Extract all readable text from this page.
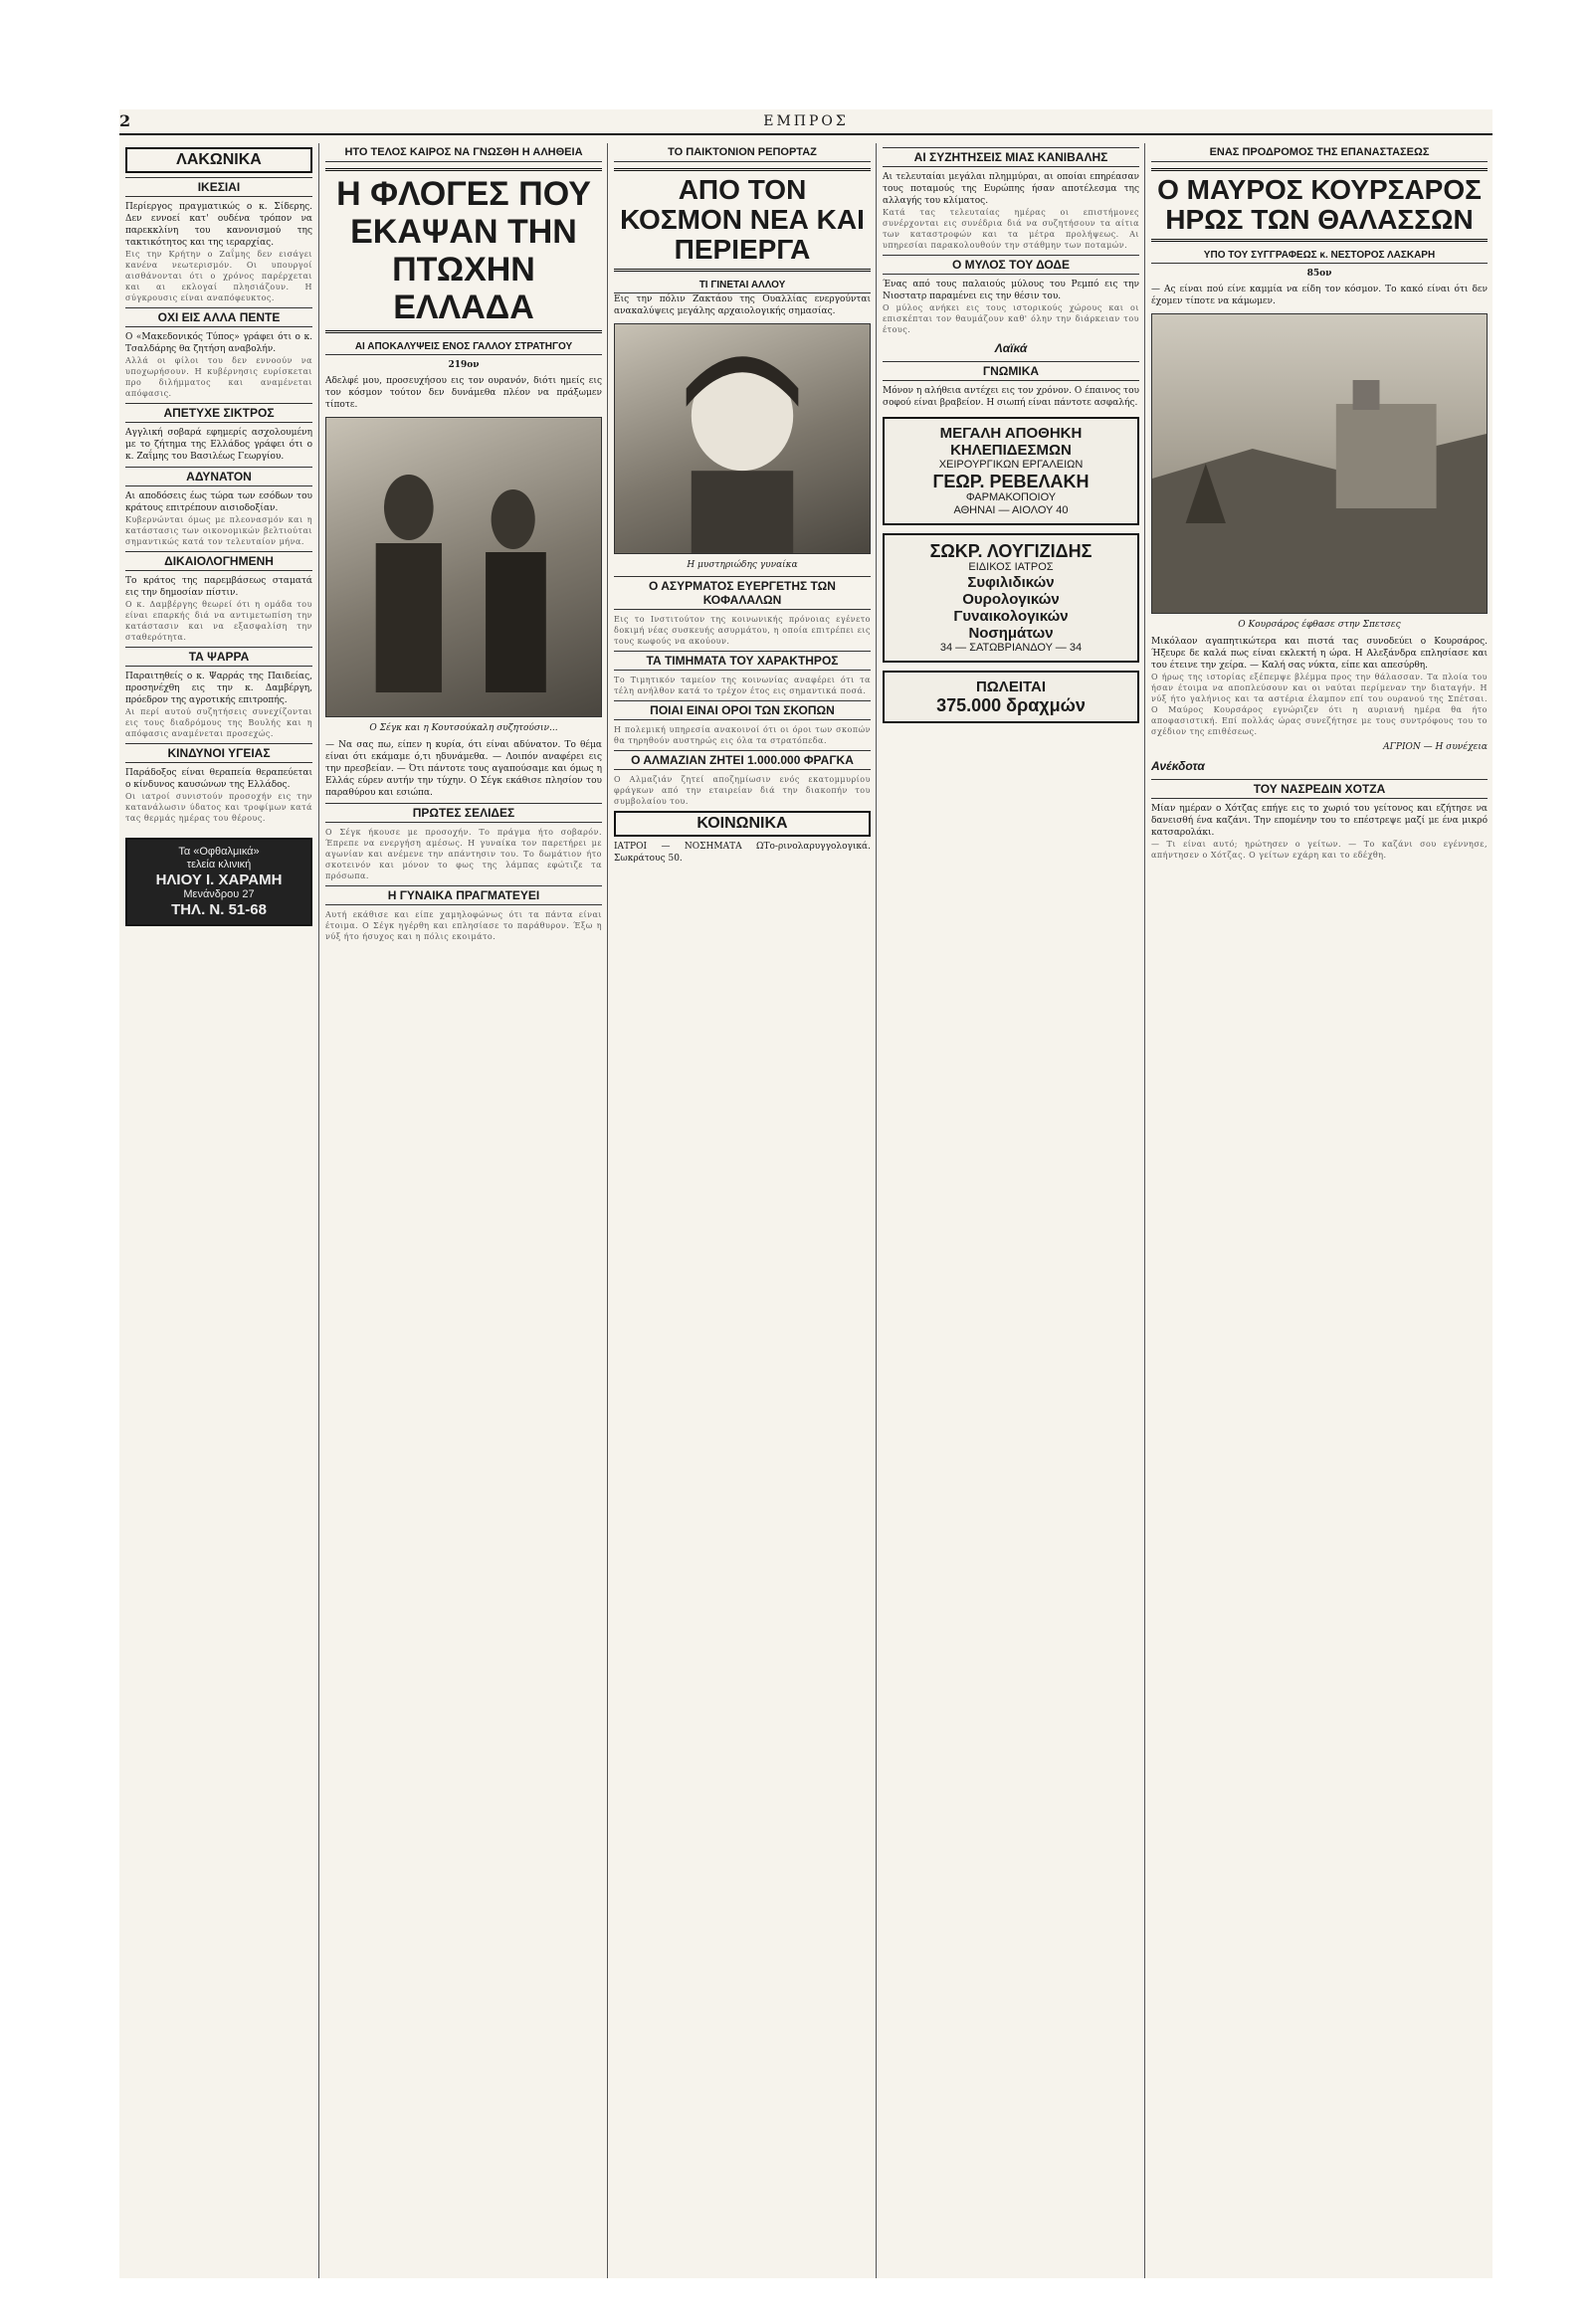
2	ΕΜΠΡΟΣ
ΛΑΚΩΝΙΚΑ
ΙΚΕΣΙΑΙ
Περίεργος πραγματικώς ο κ. Σίδερης. Δεν εννοεί κατ' ουδένα τρόπον να παρεκκλίνη του κανονισμού της τακτικότητος και της ιεραρχίας.
Εις την Κρήτην ο Ζαΐμης δεν εισάγει κανένα νεωτερισμόν. Οι υπουργοί αισθάνονται ότι ο χρόνος παρέρχεται και αι εκλογαί πλησιάζουν. Η σύγκρουσις είναι αναπόφευκτος.
ΟΧΙ ΕΙΣ ΑΛΛΑ ΠΕΝΤΕ
Ο «Μακεδονικός Τύπος» γράφει ότι ο κ. Τσαλδάρης θα ζητήση αναβολήν.
Αλλά οι φίλοι του δεν εννοούν να υποχωρήσουν. Η κυβέρνησις ευρίσκεται προ διλήμματος και αναμένεται απόφασις.
ΑΠΕΤΥΧΕ ΣΙΚΤΡΟΣ
Αγγλική σοβαρά εφημερίς ασχολουμένη με το ζήτημα της Ελλάδος γράφει ότι ο κ. Ζαΐμης του Βασιλέως Γεωργίου.
ΑΔΥΝΑΤΟΝ
Αι αποδόσεις έως τώρα των εσόδων του κράτους επιτρέπουν αισιοδοξίαν.
Κυβερνώνται όμως με πλεονασμόν και η κατάστασις των οικονομικών βελτιούται σημαντικώς κατά τον τελευταίον μήνα.
ΔΙΚΑΙΟΛΟΓΗΜΕΝΗ
Το κράτος της παρεμβάσεως σταματά εις την δημοσίαν πίστιν.
Ο κ. Δαμβέργης θεωρεί ότι η ομάδα του είναι επαρκής διά να αντιμετωπίση την κατάστασιν και να εξασφαλίση την σταθερότητα.
ΤΑ ΨΑΡΡΑ
Παραιτηθείς ο κ. Ψαρράς της Παιδείας, προσηνέχθη εις την κ. Δαμβέργη, πρόεδρον της αγροτικής επιτροπής.
Αι περί αυτού συζητήσεις συνεχίζονται εις τους διαδρόμους της Βουλής και η απόφασις αναμένεται προσεχώς.
ΚΙΝΔΥΝΟΙ ΥΓΕΙΑΣ
Παράδοξος είναι θεραπεία θεραπεύεται ο κίνδυνος καυσώνων της Ελλάδος.
Οι ιατροί συνιστούν προσοχήν εις την κατανάλωσιν ύδατος και τροφίμων κατά τας θερμάς ημέρας του θέρους.
Τα «Οφθαλμικά»
τελεία κλινική
ΗΛΙΟΥ Ι. ΧΑΡΑΜΗ
Μενάνδρου 27
ΤΗΛ. Ν. 51-68
ΗΤΟ ΤΕΛΟΣ ΚΑΙΡΟΣ ΝΑ ΓΝΩΣΘΗ Η ΑΛΗΘΕΙΑ
Η ΦΛΟΓΕΣ ΠΟΥ ΕΚΑΨΑΝ ΤΗΝ ΠΤΩΧΗΝ ΕΛΛΑΔΑ
ΑΙ ΑΠΟΚΑΛΥΨΕΙΣ ΕΝΟΣ ΓΑΛΛΟΥ ΣΤΡΑΤΗΓΟΥ
219ον
Αδελφέ μου, προσευχήσου εις τον ουρανόν, διότι ημείς εις τον κόσμον τούτον δεν δυνάμεθα πλέον να πράξωμεν τίποτε.
Ο Σέγκ και η Κουτσούκαλη συζητούσιν...
— Να σας πω, είπεν η κυρία, ότι είναι αδύνατον. Το θέμα είναι ότι εκάμαμε ό,τι ηδυνάμεθα. — Λοιπόν αναφέρει εις την πρεσβείαν. — Ότι πάντοτε τους αγαπούσαμε και όμως η Ελλάς εύρεν αυτήν την τύχην. Ο Σέγκ εκάθισε πλησίον του παραθύρου και εσιώπα.
ΠΡΩΤΕΣ ΣΕΛΙΔΕΣ
Ο Σέγκ ήκουσε με προσοχήν. Το πράγμα ήτο σοβαρόν. Έπρεπε να ενεργήση αμέσως. Η γυναίκα τον παρετήρει με αγωνίαν και ανέμενε την απάντησιν του. Το δωμάτιον ήτο σκοτεινόν και μόνον το φως της λάμπας εφώτιζε τα πρόσωπα.
Η ΓΥΝΑΙΚΑ ΠΡΑΓΜΑΤΕΥΕΙ
Αυτή εκάθισε και είπε χαμηλοφώνως ότι τα πάντα είναι έτοιμα. Ο Σέγκ ηγέρθη και επλησίασε το παράθυρον. Έξω η νύξ ήτο ήσυχος και η πόλις εκοιμάτο.
ΤΟ ΠΑΙΚΤΟΝΙΟΝ ΡΕΠΟΡΤΑΖ
ΑΠΟ ΤΟΝ ΚΟΣΜΟΝ ΝΕΑ ΚΑΙ ΠΕΡΙΕΡΓΑ
ΤΙ ΓΙΝΕΤΑΙ ΑΛΛΟΥ
Εις την πόλιν Ζακτάου της Ουαλλίας ενεργούνται ανακαλύψεις μεγάλης αρχαιολογικής σημασίας.
Η μυστηριώδης γυναίκα
Ο ΑΣΥΡΜΑΤΟΣ ΕΥΕΡΓΕΤΗΣ ΤΩΝ ΚΟΦΑΛΑΛΩΝ
Εις το Ινστιτούτον της κοινωνικής πρόνοιας εγένετο δοκιμή νέας συσκευής ασυρμάτου, η οποία επιτρέπει εις τους κωφούς να ακούουν.
ΤΑ ΤΙΜΗΜΑΤΑ ΤΟΥ ΧΑΡΑΚΤΗΡΟΣ
Το Τιμητικόν ταμείον της κοινωνίας αναφέρει ότι τα τέλη ανήλθον κατά το τρέχον έτος εις σημαντικά ποσά.
ΠΟΙΑΙ ΕΙΝΑΙ ΟΡΟΙ ΤΩΝ ΣΚΟΠΩΝ
Η πολεμική υπηρεσία ανακοινοί ότι οι όροι των σκοπών θα τηρηθούν αυστηρώς εις όλα τα στρατόπεδα.
Ο ΑΛΜΑΖΙΑΝ ΖΗΤΕΙ 1.000.000 ΦΡΑΓΚΑ
Ο Αλμαζιάν ζητεί αποζημίωσιν ενός εκατομμυρίου φράγκων από την εταιρείαν διά την διακοπήν του συμβολαίου του.
ΚΟΙΝΩΝΙΚΑ
ΙΑΤΡΟΙ — ΝΟΣΗΜΑΤΑ ΩΤο-ρινολαρυγγολογικά. Σωκράτους 50.
ΑΙ ΣΥΖΗΤΗΣΕΙΣ ΜΙΑΣ ΚΑΝΙΒΑΛΗΣ
Αι τελευταίαι μεγάλαι πλημμύραι, αι οποίαι επηρέασαν τους ποταμούς της Ευρώπης ήσαν αποτέλεσμα της αλλαγής του κλίματος.
Κατά τας τελευταίας ημέρας οι επιστήμονες συνέρχονται εις συνέδρια διά να συζητήσουν τα αίτια των καταστροφών και τα μέτρα προλήψεως. Αι υπηρεσίαι παρακολουθούν την στάθμην των ποταμών.
Ο ΜΥΛΟΣ ΤΟΥ ΔΟΔΕ
Ένας από τους παλαιούς μύλους του Ρεμπό εις την Νιοστατρ παραμένει εις την θέσιν του.
Ο μύλος ανήκει εις τους ιστορικούς χώρους και οι επισκέπται τον θαυμάζουν καθ' όλην την διάρκειαν του έτους.
Λαϊκά
ΓΝΩΜΙΚΑ
Μόνον η αλήθεια αντέχει εις τον χρόνον. Ο έπαινος του σοφού είναι βραβείον. Η σιωπή είναι πάντοτε ασφαλής.
ΜΕΓΑΛΗ ΑΠΟΘΗΚΗ
ΚΗΛΕΠΙΔΕΣΜΩΝ
ΧΕΙΡΟΥΡΓΙΚΩΝ ΕΡΓΑΛΕΙΩΝ
ΓΕΩΡ. ΡΕΒΕΛΑΚΗ
ΦΑΡΜΑΚΟΠΟΙΟΥ
ΑΘΗΝΑΙ — ΑΙΟΛΟΥ 40
ΣΩΚΡ. ΛΟΥΓΙΖΙΔΗΣ
ΕΙΔΙΚΟΣ ΙΑΤΡΟΣ
Συφιλιδικών
Ουρολογικών
Γυναικολογικών
Νοσημάτων
34 — ΣΑΤΩΒΡΙΑΝΔΟΥ — 34
ΠΩΛΕΙΤΑΙ
375.000 δραχμών
ΕΝΑΣ ΠΡΟΔΡΟΜΟΣ ΤΗΣ ΕΠΑΝΑΣΤΑΣΕΩΣ
Ο ΜΑΥΡΟΣ ΚΟΥΡΣΑΡΟΣ ΗΡΩΣ ΤΩΝ ΘΑΛΑΣΣΩΝ
ΥΠΟ ΤΟΥ ΣΥΓΓΡΑΦΕΩΣ κ. ΝΕΣΤΟΡΟΣ ΛΑΣΚΑΡΗ
85ον
— Ας είναι πού είνε καμμία να είδη τον κόσμον. Το κακό είναι ότι δεν έχομεν τίποτε να κάμωμεν.
Ο Κουρσάρος έφθασε στην Σπετσες
Μικόλαον αγαπητικώτερα και πιστά τας συνοδεύει ο Κουρσάρος. Ήξευρε δε καλά πως είναι εκλεκτή η ώρα. Η Αλεξάνδρα επλησίασε και του έτεινε την χείρα. — Καλή σας νύκτα, είπε και απεσύρθη.
Ο ήρως της ιστορίας εξέπεμψε βλέμμα προς την θάλασσαν. Τα πλοία του ήσαν έτοιμα να αποπλεύσουν και οι ναύται περίμεναν την διαταγήν. Η νύξ ήτο γαλήνιος και τα αστέρια έλαμπον επί του ουρανού της Σπέτσαι. Ο Μαύρος Κουρσάρος εγνώριζεν ότι η αυριανή ημέρα θα ήτο αποφασιστική. Επί πολλάς ώρας συνεζήτησε με τους συντρόφους του το σχέδιον της επιθέσεως.
ΑΓΡΙΟΝ — Η συνέχεια
Ανέκδοτα
ΤΟΥ ΝΑΣΡΕΔΙΝ ΧΟΤΖΑ
Μίαν ημέραν ο Χότζας επήγε εις το χωριό του γείτονος και εζήτησε να δανεισθή ένα καζάνι. Την επομένην του το επέστρεψε μαζί με ένα μικρό κατσαρολάκι.
— Τι είναι αυτό; ηρώτησεν ο γείτων. — Το καζάνι σου εγέννησε, απήντησεν ο Χότζας. Ο γείτων εχάρη και το εδέχθη.
